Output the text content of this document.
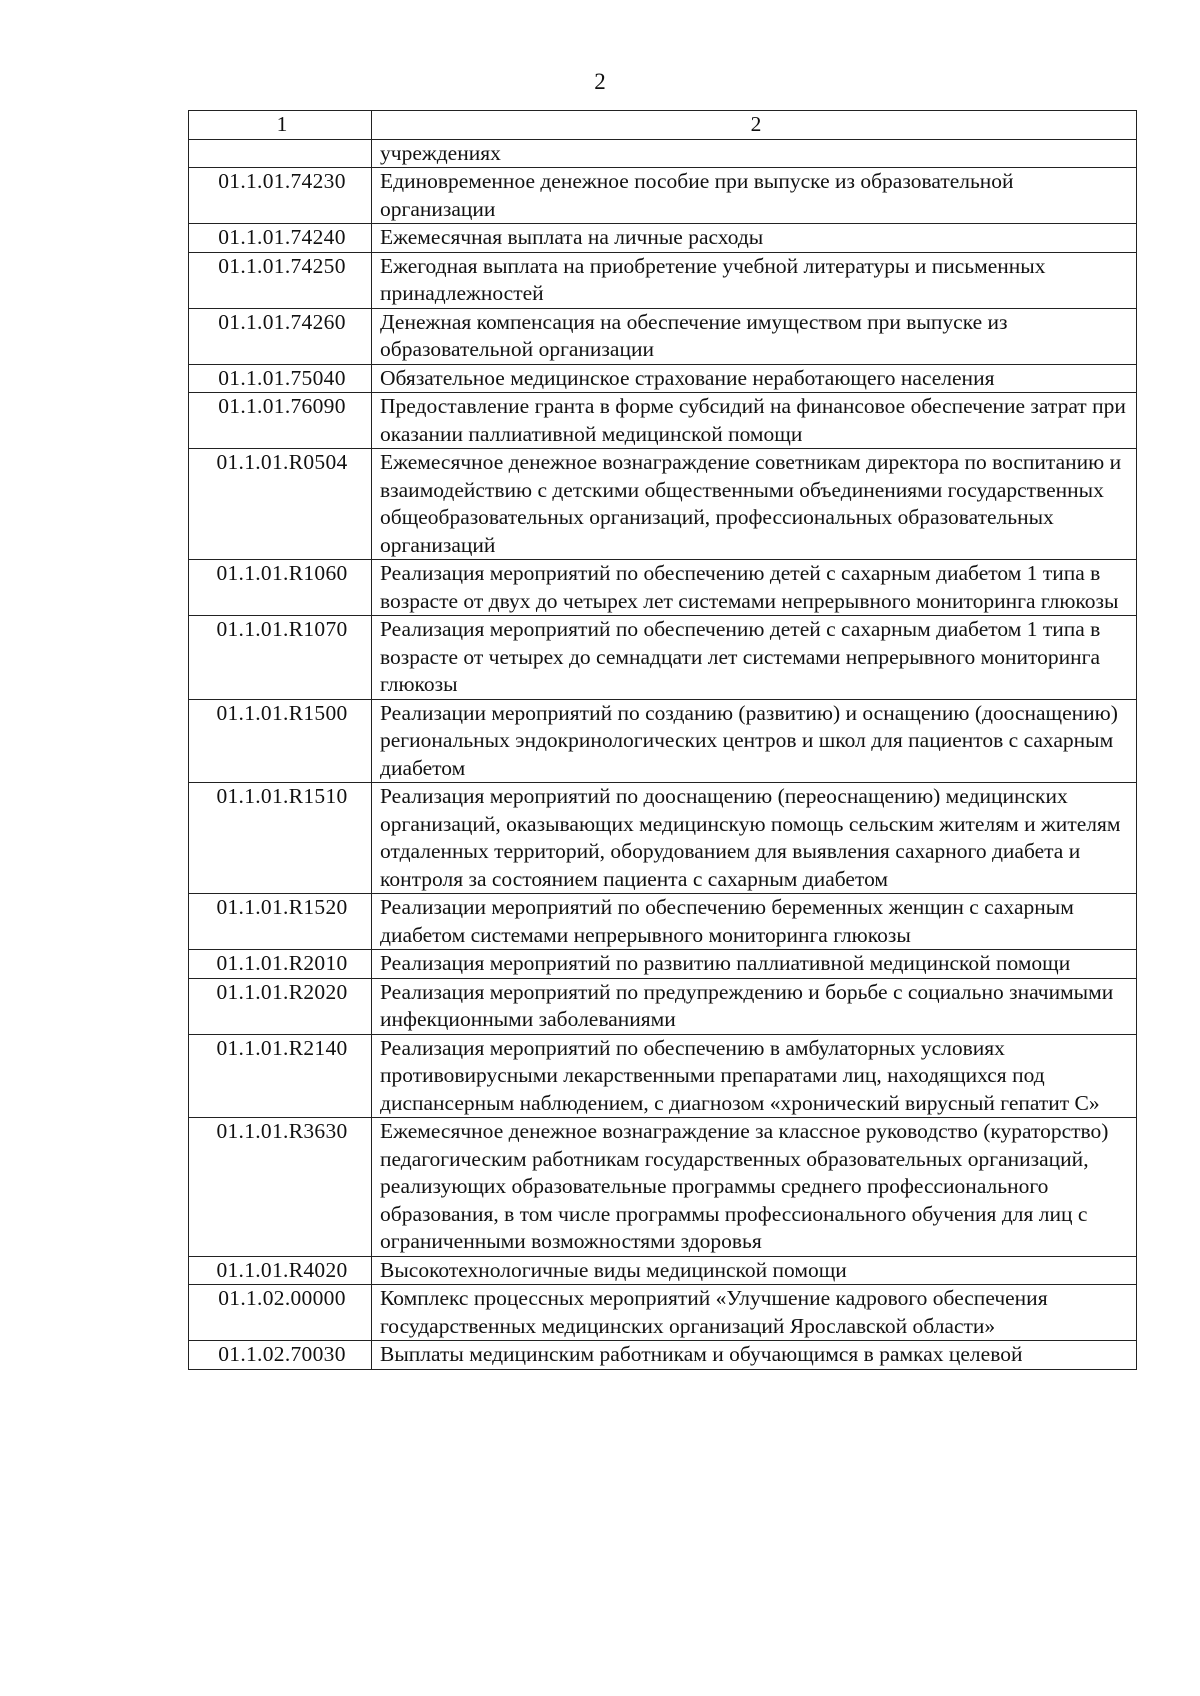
2
1	2
	учреждениях
01.1.01.74230	Единовременное денежное пособие при выпуске из образовательной организации
01.1.01.74240	Ежемесячная выплата на личные расходы
01.1.01.74250	Ежегодная выплата на приобретение учебной литературы и письменных принадлежностей
01.1.01.74260	Денежная компенсация на обеспечение имуществом при выпуске из образовательной организации
01.1.01.75040	Обязательное медицинское страхование неработающего населения
01.1.01.76090	Предоставление гранта в форме субсидий на финансовое обеспечение затрат при оказании паллиативной медицинской помощи
01.1.01.R0504	Ежемесячное денежное вознаграждение советникам директора по воспитанию и взаимодействию с детскими общественными объединениями государственных общеобразовательных организаций, профессиональных образовательных организаций
01.1.01.R1060	Реализация мероприятий по обеспечению детей с сахарным диабетом 1 типа в возрасте от двух до четырех лет системами непрерывного мониторинга глюкозы
01.1.01.R1070	Реализация мероприятий по обеспечению детей с сахарным диабетом 1 типа в возрасте от четырех до семнадцати лет системами непрерывного мониторинга глюкозы
01.1.01.R1500	Реализации мероприятий по созданию (развитию) и оснащению (дооснащению) региональных эндокринологических центров и школ для пациентов с сахарным диабетом
01.1.01.R1510	Реализация мероприятий по дооснащению (переоснащению) медицинских организаций, оказывающих медицинскую помощь сельским жителям и жителям отдаленных территорий, оборудованием для выявления сахарного диабета и контроля за состоянием пациента с сахарным диабетом
01.1.01.R1520	Реализации мероприятий по обеспечению беременных женщин с сахарным диабетом системами непрерывного мониторинга глюкозы
01.1.01.R2010	Реализация мероприятий по развитию паллиативной медицинской помощи
01.1.01.R2020	Реализация мероприятий по предупреждению и борьбе с социально значимыми инфекционными заболеваниями
01.1.01.R2140	Реализация мероприятий по обеспечению в амбулаторных условиях противовирусными лекарственными препаратами лиц, находящихся под диспансерным наблюдением, с диагнозом «хронический вирусный гепатит С»
01.1.01.R3630	Ежемесячное денежное вознаграждение за классное руководство (кураторство) педагогическим работникам государственных образовательных организаций, реализующих образовательные программы среднего профессионального образования, в том числе программы профессионального обучения для лиц с ограниченными возможностями здоровья
01.1.01.R4020	Высокотехнологичные виды медицинской помощи
01.1.02.00000	Комплекс процессных мероприятий «Улучшение кадрового обеспечения государственных медицинских организаций Ярославской области»
01.1.02.70030	Выплаты медицинским работникам и обучающимся в рамках целевой
